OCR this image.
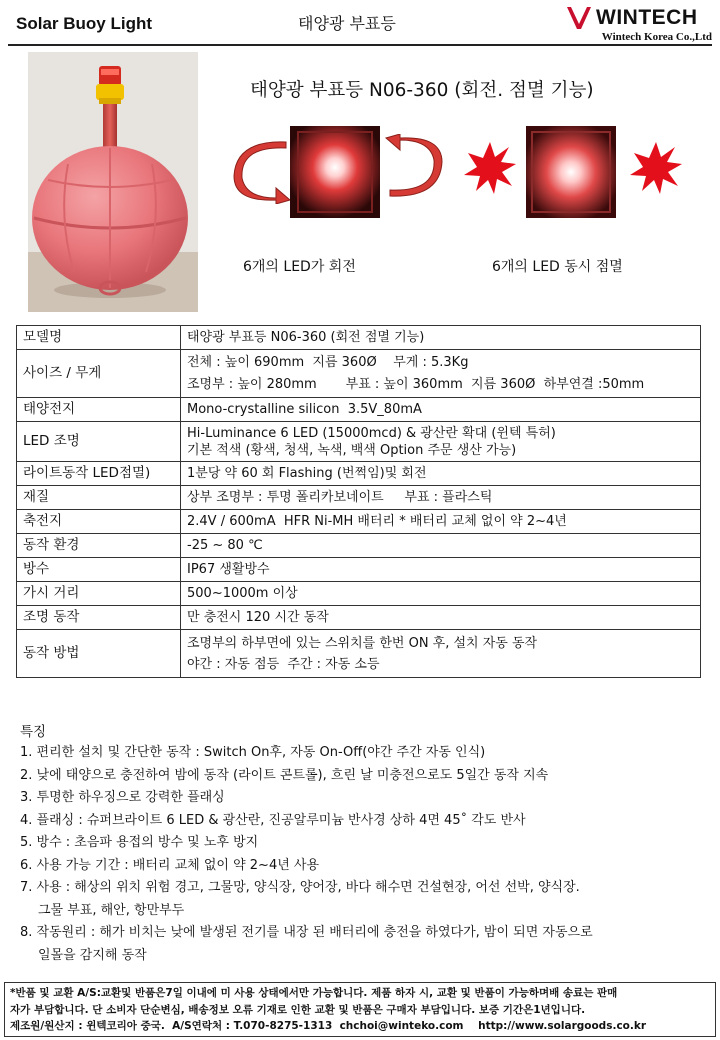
Solar Buoy Light	태양광 부표등	WINTECH
Wintech Korea Co.,Ltd
태양광 부표등 N06-360 (회전. 점멸 기능)
6개의 LED가 회전	6개의 LED 동시 점멸
모델명	태양광 부표등 N06-360 (회전 점멸 기능)

사이즈 / 무게	전체 : 높이 690mm  지름 360Ø    무게 : 5.3Kg
조명부 : 높이 280mm       부표 : 높이 360mm  지름 360Ø  하부연결 :50mm

태양전지	Mono-crystalline silicon  3.5V_80mA

LED 조명	Hi-Luminance 6 LED (15000mcd) & 광산란 확대 (윈텍 특허)
기본 적색 (황색, 청색, 녹색, 백색 Option 주문 생산 가능)

라이트동작 LED점멸)	1분당 약 60 회 Flashing (번쩍임)및 회전

재질	상부 조명부 : 투명 폴리카보네이트     부표 : 플라스틱

축전지	2.4V / 600mA  HFR Ni-MH 배터리 * 배터리 교체 없이 약 2~4년

동작 환경	-25 ~ 80 ℃

방수	IP67 생활방수

가시 거리	500~1000m 이상

조명 동작	만 충전시 120 시간 동작

동작 방법	조명부의 하부면에 있는 스위치를 한번 ON 후, 설치 자동 동작
야간 : 자동 점등  주간 : 자동 소등
특징
1. 편리한 설치 및 간단한 동작 : Switch On후, 자동 On-Off(야간 주간 자동 인식)
2. 낮에 태양으로 충전하여 밤에 동작 (라이트 콘트롤), 흐린 날 미충전으로도 5일간 동작 지속
3. 투명한 하우징으로 강력한 플래싱
4. 플래싱 : 슈퍼브라이트 6 LED & 광산란, 진공알루미늄 반사경 상하 4면 45˚ 각도 반사
5. 방수 : 초음파 용접의 방수 및 노후 방지
6. 사용 가능 기간 : 배터리 교체 없이 약 2~4년 사용
7. 사용 : 해상의 위치 위험 경고, 그물망, 양식장, 양어장, 바다 해수면 건설현장, 어선 선박, 양식장.
그물 부표, 해안, 항만부두
8. 작동원리 : 해가 비치는 낮에 발생된 전기를 내장 된 배터리에 충전을 하였다가, 밤이 되면 자동으로
일몰을 감지해 동작
*반품 및 교환 A/S:교환및 반품은7일 이내에 미 사용 상태에서만 가능합니다. 제품 하자 시, 교환 및 반품이 가능하며배 송료는 판매
자가 부담합니다. 단 소비자 단순변심, 배송정보 오류 기재로 인한 교환 및 반품은 구매자 부담입니다. 보증 기간은1년입니다.
제조원/원산지 : 윈텍코리아 중국.  A/S연락처 : T.070-8275-1313  chchoi@winteko.com    http://www.solargoods.co.kr
